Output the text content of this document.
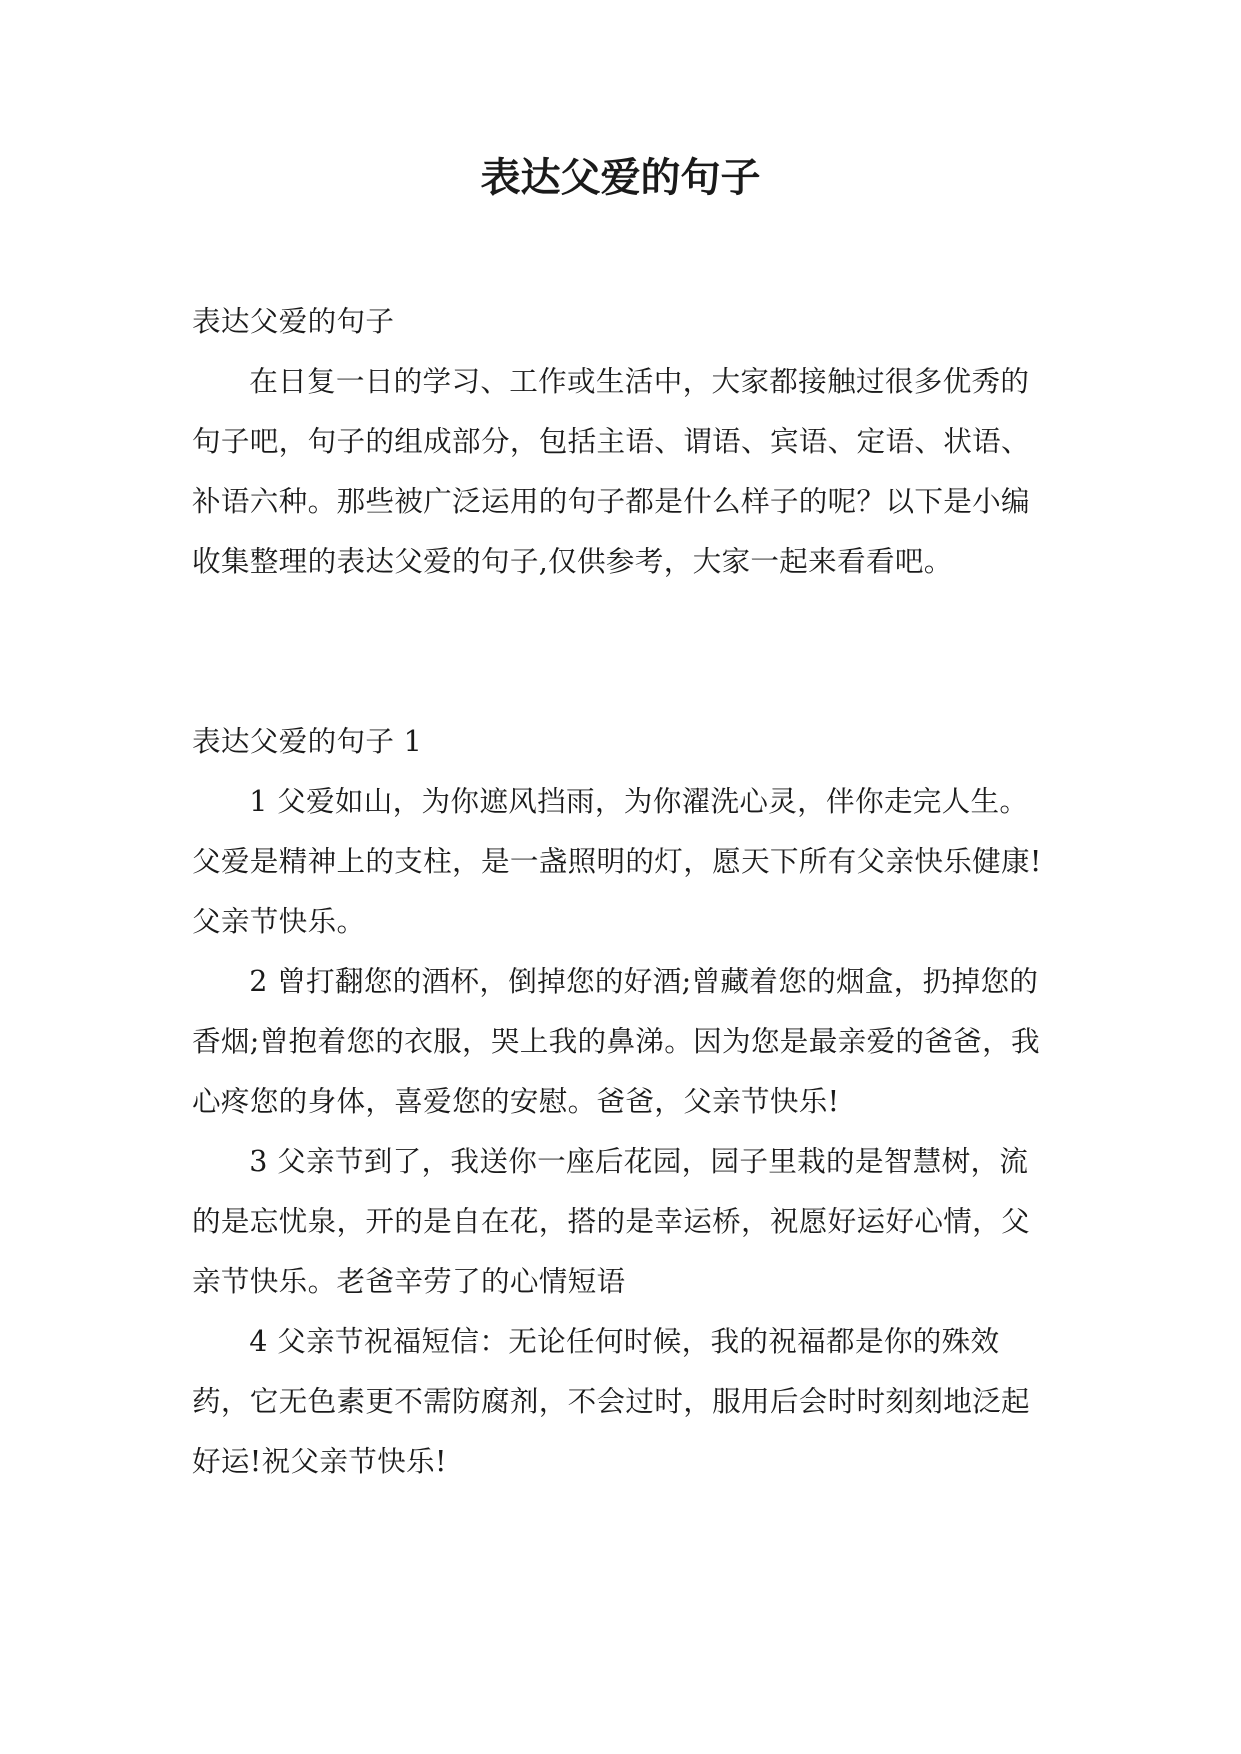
表达父爱的句子

表达父爱的句子

在日复一日的学习、工作或生活中，大家都接触过很多优秀的句子吧，句子的组成部分，包括主语、谓语、宾语、定语、状语、补语六种。那些被广泛运用的句子都是什么样子的呢？以下是小编收集整理的表达父爱的句子,仅供参考，大家一起来看看吧。

表达父爱的句子 1

1 父爱如山，为你遮风挡雨，为你濯洗心灵，伴你走完人生。父爱是精神上的支柱，是一盏照明的灯，愿天下所有父亲快乐健康!父亲节快乐。

2 曾打翻您的酒杯，倒掉您的好酒;曾藏着您的烟盒，扔掉您的香烟;曾抱着您的衣服，哭上我的鼻涕。因为您是最亲爱的爸爸，我心疼您的身体，喜爱您的安慰。爸爸，父亲节快乐!

3 父亲节到了，我送你一座后花园，园子里栽的是智慧树，流的是忘忧泉，开的是自在花，搭的是幸运桥，祝愿好运好心情，父亲节快乐。老爸辛劳了的心情短语

4 父亲节祝福短信：无论任何时候，我的祝福都是你的殊效药，它无色素更不需防腐剂，不会过时，服用后会时时刻刻地泛起好运!祝父亲节快乐!
